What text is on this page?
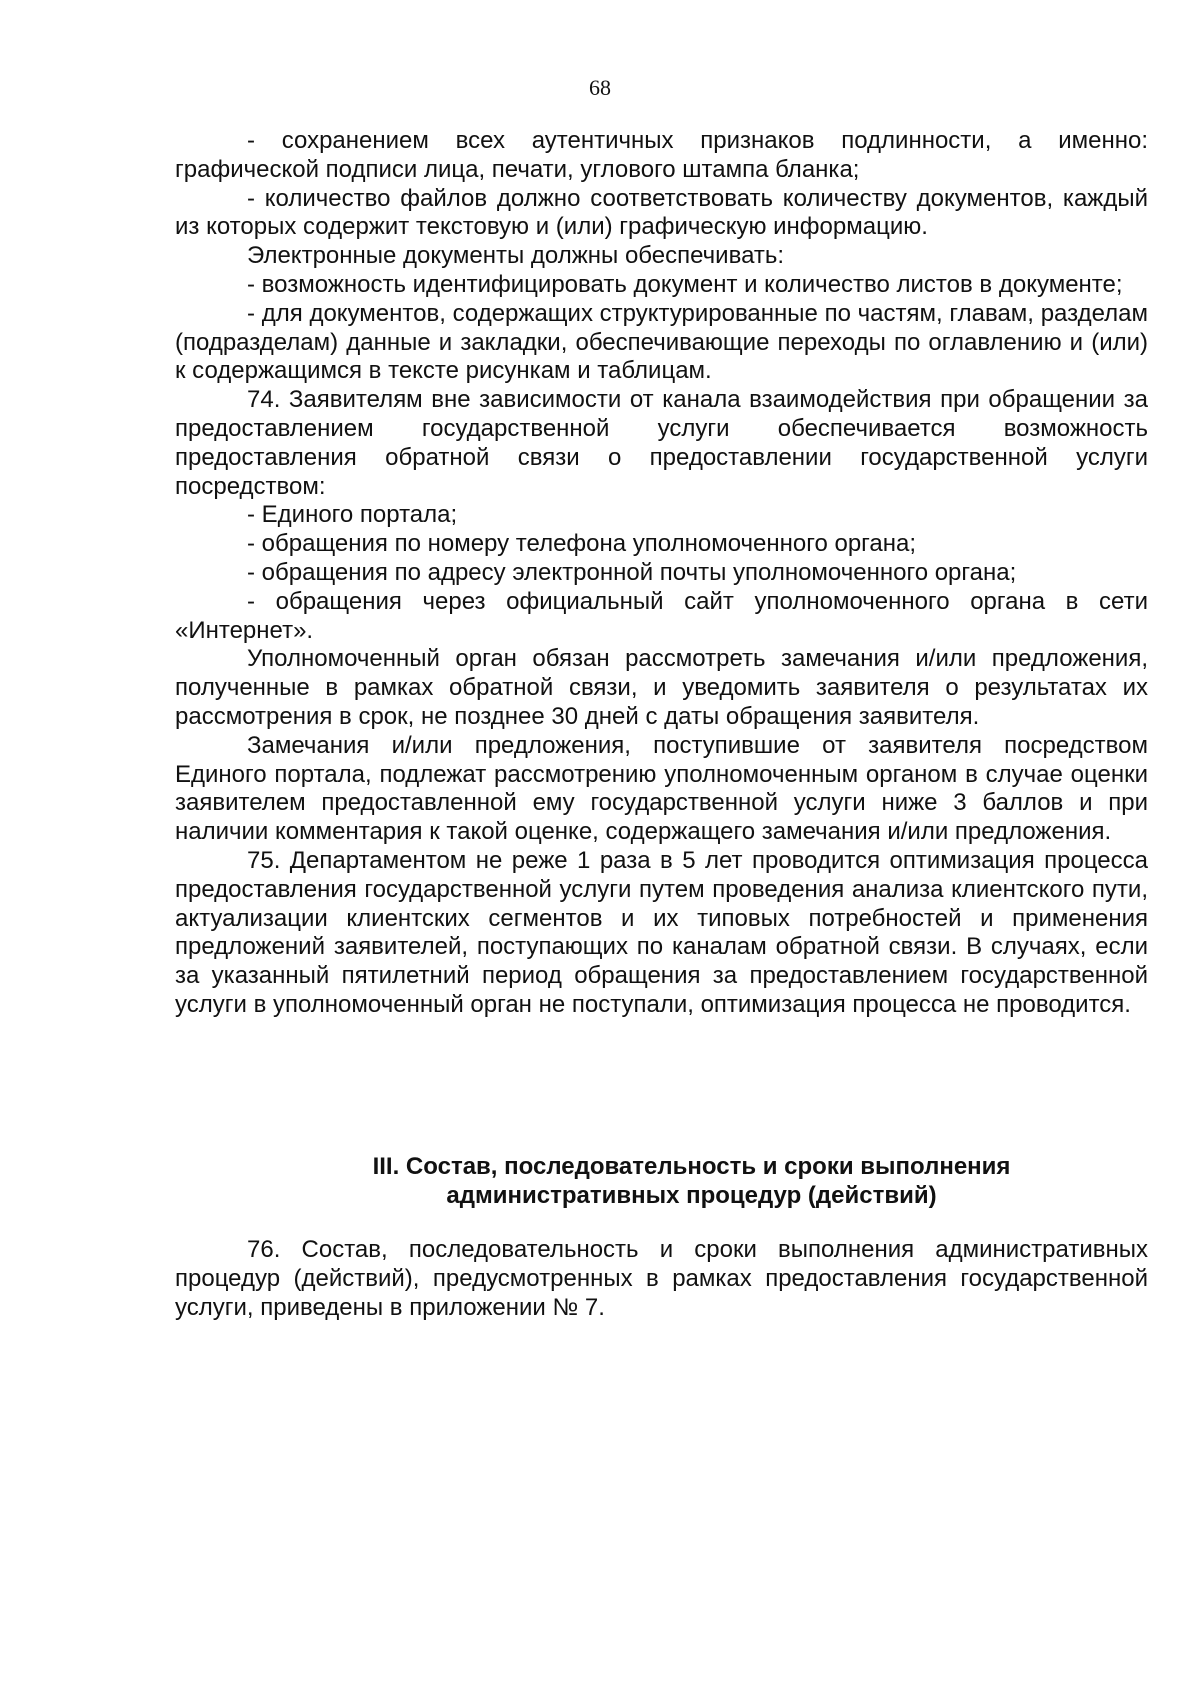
68

- сохранением всех аутентичных признаков подлинности, а именно: графической подписи лица, печати, углового штампа бланка;

- количество файлов должно соответствовать количеству документов, каждый из которых содержит текстовую и (или) графическую информацию.

Электронные документы должны обеспечивать:

- возможность идентифицировать документ и количество листов в документе;

- для документов, содержащих структурированные по частям, главам, разделам (подразделам) данные и закладки, обеспечивающие переходы по оглавлению и (или) к содержащимся в тексте рисункам и таблицам.

74. Заявителям вне зависимости от канала взаимодействия при обращении за предоставлением государственной услуги обеспечивается возможность предоставления обратной связи о предоставлении государственной услуги посредством:

- Единого портала;

- обращения по номеру телефона уполномоченного органа;

- обращения по адресу электронной почты уполномоченного органа;

- обращения через официальный сайт уполномоченного органа в сети «Интернет».

Уполномоченный орган обязан рассмотреть замечания и/или предложения, полученные в рамках обратной связи, и уведомить заявителя о результатах их рассмотрения в срок, не позднее 30 дней с даты обращения заявителя.

Замечания и/или предложения, поступившие от заявителя посредством Единого портала, подлежат рассмотрению уполномоченным органом в случае оценки заявителем предоставленной ему государственной услуги ниже 3 баллов и при наличии комментария к такой оценке, содержащего замечания и/или предложения.

75. Департаментом не реже 1 раза в 5 лет проводится оптимизация процесса предоставления государственной услуги путем проведения анализа клиентского пути, актуализации клиентских сегментов и их типовых потребностей и применения предложений заявителей, поступающих по каналам обратной связи. В случаях, если за указанный пятилетний период обращения за предоставлением государственной услуги в уполномоченный орган не поступали, оптимизация процесса не проводится.

III. Состав, последовательность и сроки выполнения
административных процедур (действий)

76. Состав, последовательность и сроки выполнения административных процедур (действий), предусмотренных в рамках предоставления государственной услуги, приведены в приложении № 7.
